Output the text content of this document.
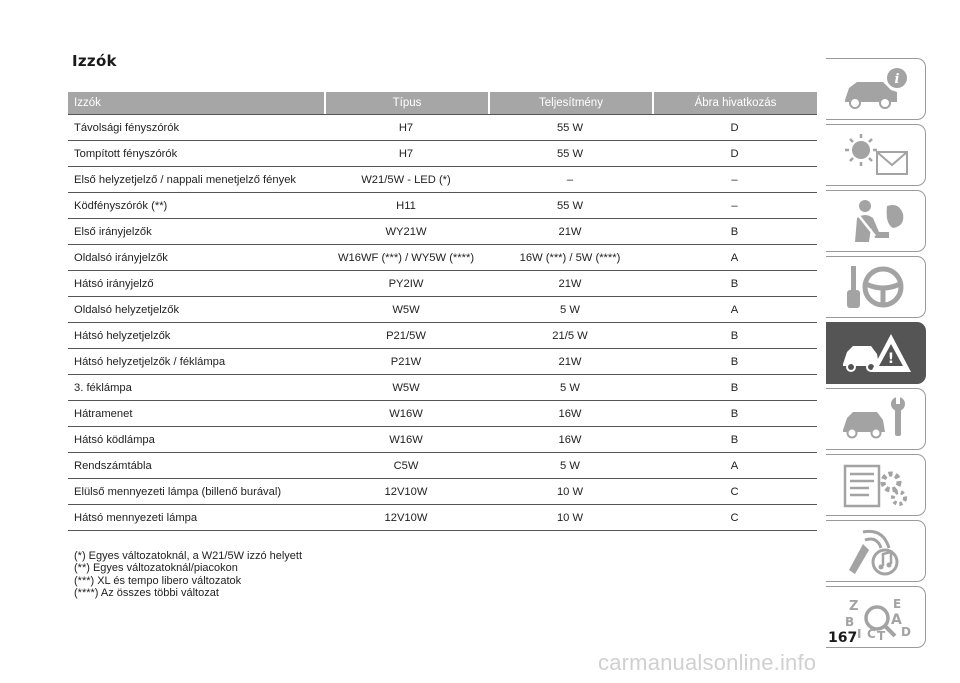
Izzók
Izzók	Típus	Teljesítmény	Ábra hivatkozás
Távolsági fényszórók	H7	55 W	D
Tompított fényszórók	H7	55 W	D
Első helyzetjelző / nappali menetjelző fények	W21/5W - LED (*)	–	–
Ködfényszórók (**)	H11	55 W	–
Első irányjelzők	WY21W	21W	B
Oldalsó irányjelzők	W16WF (***) / WY5W (****)	16W (***) / 5W (****)	A
Hátsó irányjelző	PY2IW	21W	B
Oldalsó helyzetjelzők	W5W	5 W	A
Hátsó helyzetjelzők	P21/5W	21/5 W	B
Hátsó helyzetjelzők / féklámpa	P21W	21W	B
3. féklámpa	W5W	5 W	B
Hátramenet	W16W	16W	B
Hátsó ködlámpa	W16W	16W	B
Rendszámtábla	C5W	5 W	A
Elülső mennyezeti lámpa (billenő burával)	12V10W	10 W	C
Hátsó mennyezeti lámpa	12V10W	10 W	C
(*) Egyes változatoknál, a W21/5W izzó helyett
(**) Egyes változatoknál/piacokon
(***) XL és tempo libero változatok
(****) Az összes többi változat
i
!
Z	E
B	A
I C T D
167
carmanualsonline.info
